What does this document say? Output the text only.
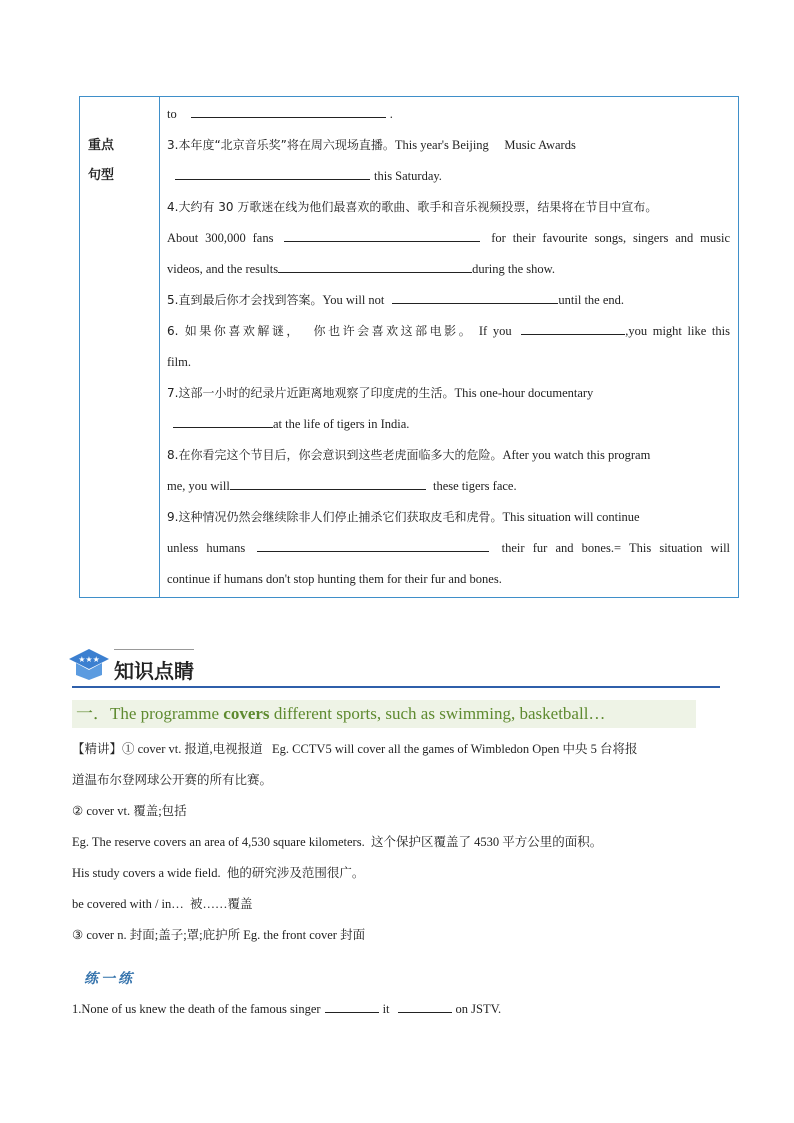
重点
句型
to	.
3.本年度“北京音乐奖”将在周六现场直播。This year's Beijing     Music Awards
this Saturday.
4.大约有 30 万歌迷在线为他们最喜欢的歌曲、歌手和音乐视频投票，结果将在节目中宣布。
About 300,000 fans	for their favourite songs, singers and music
videos, and the results	during the show.
5.直到最后你才会找到答案。You will not	until the end.
6. 如果你喜欢解谜，  你也许会喜欢这部电影。 If you	,you might like this
film.
7.这部一小时的纪录片近距离地观察了印度虎的生活。This one-hour documentary
at the life of tigers in India.
8.在你看完这个节目后，你会意识到这些老虎面临多大的危险。After you watch this program
me, you will	these tigers face.
9.这种情况仍然会继续除非人们停止捕杀它们获取皮毛和虎骨。This situation will continue
unless humans	their fur and bones.= This situation will
continue if humans don't stop hunting them for their fur and bones.
★★★ 知识点睛
一．The programme covers different sports, such as swimming, basketball…
【精讲】① cover vt. 报道,电视报道   Eg. CCTV5 will cover all the games of Wimbledon Open 中央 5 台将报
道温布尔登网球公开赛的所有比赛。
② cover vt. 覆盖;包括
Eg. The reserve covers an area of 4,530 square kilometers.  这个保护区覆盖了 4530 平方公里的面积。
His study covers a wide field.  他的研究涉及范围很广。
be covered with / in…  被……覆盖
③ cover n. 封面;盖子;罩;庇护所 Eg. the front cover 封面
练一练
1.None of us knew the death of the famous singer	it	on JSTV.
